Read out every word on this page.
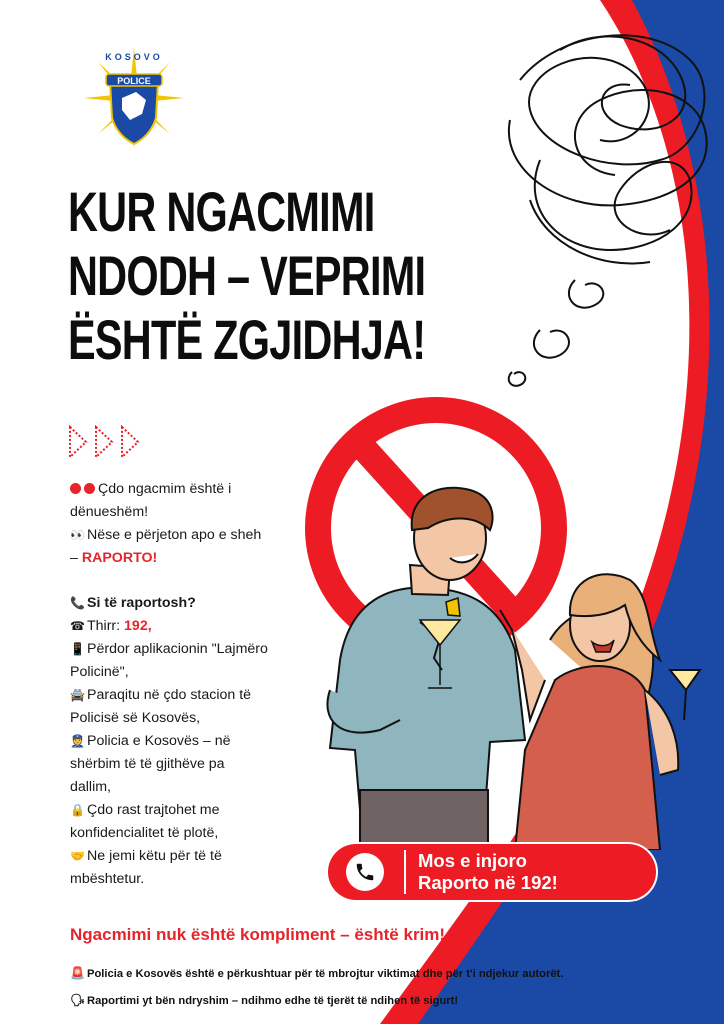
POLICE
KOSOVO
KUR NGACMIMI
NDODH – VEPRIMI
ËSHTË ZGJIDHJA!
Çdo ngacmim është i
dënueshëm!
👀 Nëse e përjeton apo e sheh
– RAPORTO!
📞 Si të raportosh?
☎ Thirr: 192,
📱 Përdor aplikacionin "Lajmëro
Policinë",
🚔 Paraqitu në çdo stacion të
Policisë së Kosovës,
👮 Policia e Kosovës – në
shërbim të të gjithëve pa
dallim,
🔒 Çdo rast trajtohet me
konfidencialitet të plotë,
🤝 Ne jemi këtu për të të
mbështetur.
Mos e injoro
Raporto në 192!
Ngacmimi nuk është kompliment – është krim!
🚨 Policia e Kosovës është e përkushtuar për të mbrojtur viktimat dhe për t'i ndjekur autorët.
🗣 Raportimi yt bën ndryshim – ndihmo edhe të tjerët të ndihen të sigurt!
